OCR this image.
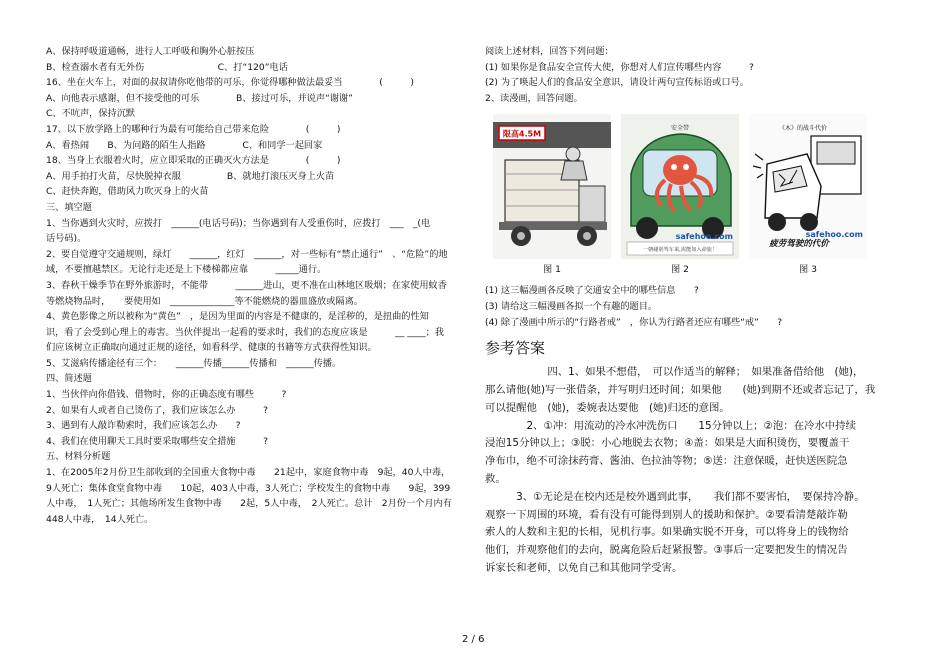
A、保持呼吸道通畅，进行人工呼吸和胸外心脏按压
B、检查溺水者有无外伤　　　　　　　　C、打“120”电话
16、坐在火车上，对面的叔叔请你吃他带的可乐，你觉得哪种做法最妥当　　　　(　　　)
A、向他表示感谢，但不接受他的可乐　　　　B、接过可乐，并说声“谢谢”
C、不吭声，保持沉默
17、以下放学路上的哪种行为最有可能给自己带来危险　　　　(　　　)
A、看热闹　　B、为问路的陌生人指路　　　　C、和同学一起回家
18、当身上衣服着火时，应立即采取的正确灭火方法是　　　　(　　　)
A、用手拍打火苗，尽快脱掉衣服　　　　　B、就地打滚压灭身上火苗
C、赶快奔跑，借助风力吹灭身上的火苗
三、填空题
1、当你遇到火灾时，应拨打　______(电话号码)；当你遇到有人受重伤时，应拨打　___　_(电
话号码)。
2、要自觉遵守交通规则，绿灯　　______，红灯　______，对一些标有“禁止通行”　、“危险”的地
域，不要擅越禁区。无论行走还是上下楼梯都应靠　　　_____通行。
3、春秋干燥季节在野外旅游时，不能带　　　______进山，更不准在山林地区吸烟；在家使用蚊香
等燃烧物品时，　　要使用如　______________等不能燃烧的器皿盛放或隔离。
4、黄色影像之所以被称为“黄色”　，是因为里面的内容是不健康的，是淫秽的，是扭曲的性知
识，看了会受到心理上的毒害。当伙伴提出一起看的要求时，我们的态度应该是　　　__ ____；我
们应该树立正确取向通过正规的途径，如看科学、健康的书籍等方式获得性知识。
5、艾滋病传播途径有三个：　　______传播______传播和　______传播。
四、简述题
1、当伙伴向你借钱、借物时，你的正确态度有哪些　　　?
2、如果有人或者自己烫伤了，我们应该怎么办　　　?
3、遇到有人敲诈勒索时，我们应该怎么办　　?
4、我们在使用聊天工具时要采取哪些安全措施　　　?
五、材料分析题
1、在2005年2月份卫生部收到的全国重大食物中毒　　21起中，家庭食物中毒　9起，40人中毒，
9人死亡；集体食堂食物中毒　　10起，403人中毒，3人死亡；学校发生的食物中毒　　9起，399
人中毒，　1人死亡；其他场所发生食物中毒　　2起，5人中毒，　2人死亡。总计　2月份一个月内有
448人中毒，　14人死亡。
阅读上述材料，回答下列问题：
(1) 如果你是食品安全宣传大使，你想对人们宣传哪些内容　　　?
(2) 为了唤起人们的食品安全意识，请设计两句宣传标语或口号。
2、读漫画，回答问题。
限高4.5M
安全带
一朝碰别驾车来,需能如入命旅！
safehoo.com
《木》的战斗代价
疲劳驾驶的代价
safehoo.com
图 1	图 2	图 3
(1) 这三幅漫画各反映了交通安全中的哪些信息　　?
(3) 请给这三幅漫画各拟一个有趣的题目。
(4) 除了漫画中所示的“行路者戒”　，你认为行路者还应有哪些“戒”　　?
参考答案
　　　　　　四、1、如果不想借，　可以作适当的解释；　如果准备借给他　(她)，
那么请他(她)写一张借条，并写明归还时间；如果他　　(她)到期不还或者忘记了，我
可以提醒他　(她)，委婉表达要他　(她)归还的意图。
　　　　2、①冲：用流动的冷水冲洗伤口　　15分钟以上；②泡：在冷水中持续
浸泡15分钟以上；③脱：小心地脱去衣物；④盖：如果是大面积烫伤，要覆盖干
净布巾，绝不可涂抹药膏、酱油、色拉油等物；⑤送：注意保暖，赶快送医院急
救。
　　　3、①无论是在校内还是校外遇到此事，　　我们都不要害怕，　要保持冷静。
观察一下周围的环境，看有没有可能得到别人的援助和保护。②要看清楚敲诈勒
索人的人数和主犯的长相，见机行事。如果确实脱不开身，可以将身上的钱物给
他们，并观察他们的去向，脱离危险后赶紧报警。③事后一定要把发生的情况告
诉家长和老师，以免自己和其他同学受害。
2 / 6
